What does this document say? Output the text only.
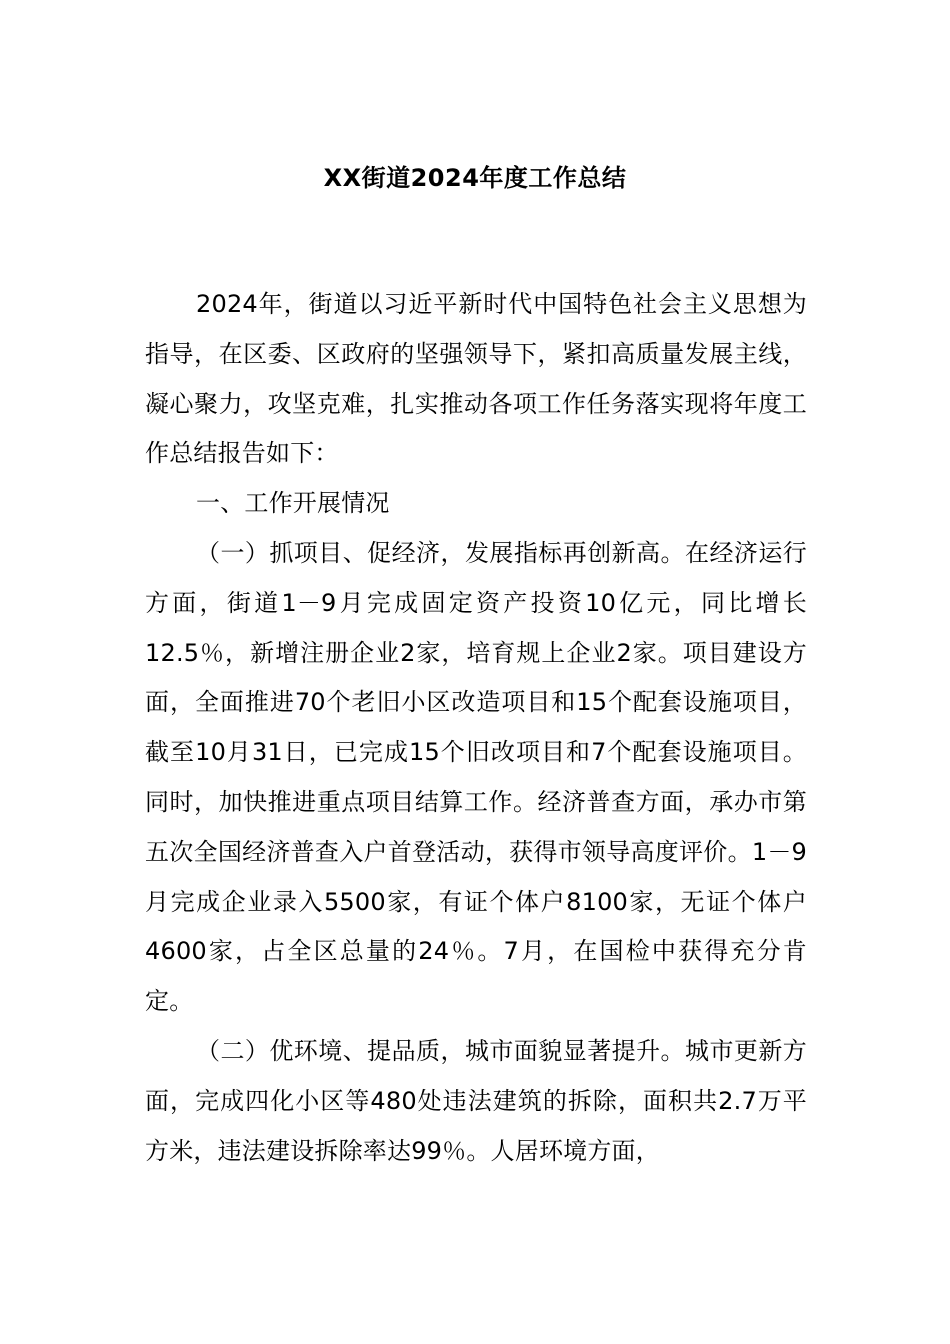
XX街道2024年度工作总结

2024年，街道以习近平新时代中国特色社会主义思想为指导，在区委、区政府的坚强领导下，紧扣高质量发展主线，凝心聚力，攻坚克难，扎实推动各项工作任务落实现将年度工作总结报告如下：

一、工作开展情况

（一）抓项目、促经济，发展指标再创新高。在经济运行方面，街道1－9月完成固定资产投资10亿元，同比增长12.5％，新增注册企业2家，培育规上企业2家。项目建设方面，全面推进70个老旧小区改造项目和15个配套设施项目，截至10月31日，已完成15个旧改项目和7个配套设施项目。同时，加快推进重点项目结算工作。经济普查方面，承办市第五次全国经济普查入户首登活动，获得市领导高度评价。1－9月完成企业录入5500家，有证个体户8100家，无证个体户4600家，占全区总量的24％。7月，在国检中获得充分肯定。

（二）优环境、提品质，城市面貌显著提升。城市更新方面，完成四化小区等480处违法建筑的拆除，面积共2.7万平方米，违法建设拆除率达99％。人居环境方面，
